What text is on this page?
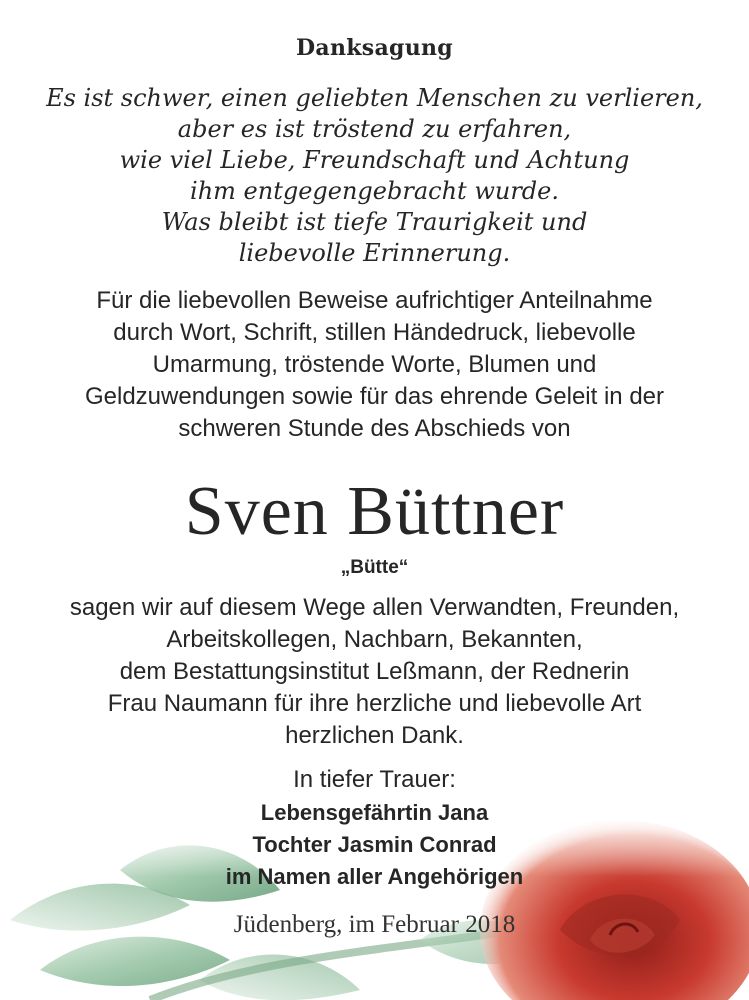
Danksagung
Es ist schwer, einen geliebten Menschen zu verlieren,
aber es ist tröstend zu erfahren,
wie viel Liebe, Freundschaft und Achtung
ihm entgegengebracht wurde.
Was bleibt ist tiefe Traurigkeit und
liebevolle Erinnerung.
Für die liebevollen Beweise aufrichtiger Anteilnahme
durch Wort, Schrift, stillen Händedruck, liebevolle
Umarmung, tröstende Worte, Blumen und
Geldzuwendungen sowie für das ehrende Geleit in der
schweren Stunde des Abschieds von
Sven Büttner
„Bütte“
sagen wir auf diesem Wege allen Verwandten, Freunden,
Arbeitskollegen, Nachbarn, Bekannten,
dem Bestattungsinstitut Leßmann, der Rednerin
Frau Naumann für ihre herzliche und liebevolle Art
herzlichen Dank.
In tiefer Trauer:
Lebensgefährtin Jana
Tochter Jasmin Conrad
im Namen aller Angehörigen
Jüdenberg, im Februar 2018
